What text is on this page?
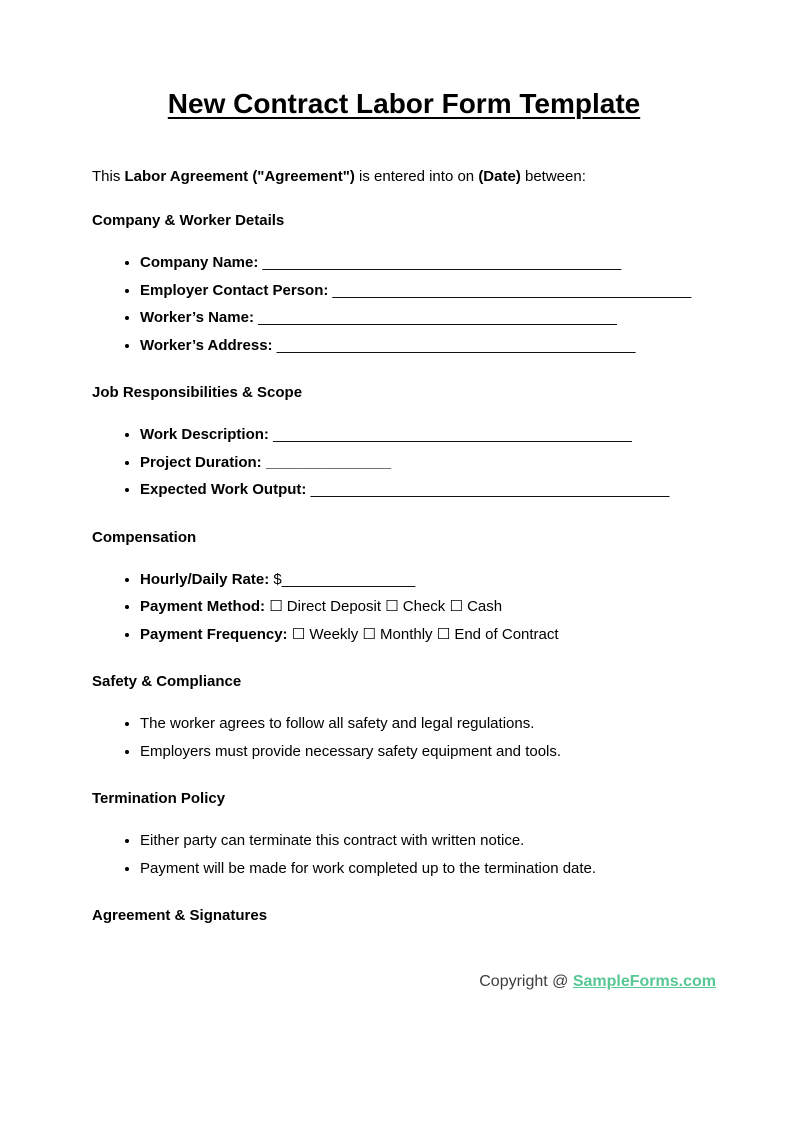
New Contract Labor Form Template

This Labor Agreement ("Agreement") is entered into on (Date) between:

Company & Worker Details
• Company Name: ___________________________________________
• Employer Contact Person: ___________________________________________
• Worker’s Name: ___________________________________________
• Worker’s Address: ___________________________________________
Job Responsibilities & Scope
• Work Description: ___________________________________________
• Project Duration: _______________
• Expected Work Output: ___________________________________________
Compensation
• Hourly/Daily Rate: $________________
• Payment Method: ☐ Direct Deposit ☐ Check ☐ Cash
• Payment Frequency: ☐ Weekly ☐ Monthly ☐ End of Contract
Safety & Compliance
• The worker agrees to follow all safety and legal regulations.
• Employers must provide necessary safety equipment and tools.
Termination Policy
• Either party can terminate this contract with written notice.
• Payment will be made for work completed up to the termination date.
Agreement & Signatures
Copyright @ SampleForms.com
